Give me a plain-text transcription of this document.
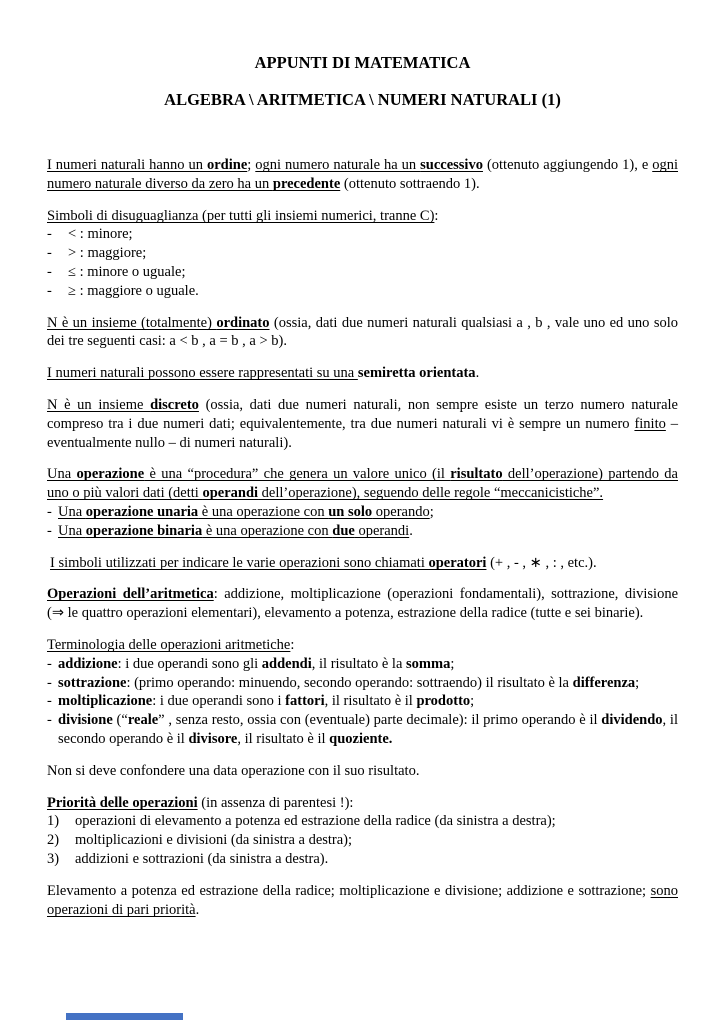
APPUNTI DI MATEMATICA
ALGEBRA \ ARITMETICA \ NUMERI NATURALI (1)

I numeri naturali hanno un ordine; ogni numero naturale ha un successivo (ottenuto aggiungendo 1), e ogni numero naturale diverso da zero ha un precedente (ottenuto sottraendo 1).

Simboli di disuguaglianza (per tutti gli insiemi numerici, tranne C):

-	< : minore;
-	> : maggiore;
-	≤ : minore o uguale;
-	≥ : maggiore o uguale.

N è un insieme (totalmente) ordinato (ossia, dati due numeri naturali qualsiasi a , b , vale uno ed uno solo dei tre seguenti casi: a < b , a = b , a > b).

I numeri naturali possono essere rappresentati su una semiretta orientata.

N è un insieme discreto (ossia, dati due numeri naturali, non sempre esiste un terzo numero naturale compreso tra i due numeri dati; equivalentemente, tra due numeri naturali vi è sempre un numero finito – eventualmente nullo – di numeri naturali).

Una operazione è una “procedura” che genera un valore unico (il risultato dell’operazione) partendo da uno o più valori dati (detti operandi dell’operazione), seguendo delle regole “meccanicistiche”.

- Una operazione unaria è una operazione con un solo operando;
- Una operazione binaria è una operazione con due operandi.

I simboli utilizzati per indicare le varie operazioni sono chiamati operatori (+ , - , ∗ , : , etc.).

Operazioni dell’aritmetica: addizione, moltiplicazione (operazioni fondamentali), sottrazione, divisione (⇒ le quattro operazioni elementari), elevamento a potenza, estrazione della radice (tutte e sei binarie).

Terminologia delle operazioni aritmetiche:

- addizione: i due operandi sono gli addendi, il risultato è la somma;
- sottrazione: (primo operando: minuendo, secondo operando: sottraendo) il risultato è la differenza;
- moltiplicazione: i due operandi sono i fattori, il risultato è il prodotto;
- divisione (“reale” , senza resto, ossia con (eventuale) parte decimale): il primo operando è il dividendo, il secondo operando è il divisore, il risultato è il quoziente.

Non si deve confondere una data operazione con il suo risultato.

Priorità delle operazioni (in assenza di parentesi !):

1)	operazioni di elevamento a potenza ed estrazione della radice (da sinistra a destra);
2)	moltiplicazioni e divisioni (da sinistra a destra);
3)	addizioni e sottrazioni (da sinistra a destra).

Elevamento a potenza ed estrazione della radice; moltiplicazione e divisione; addizione e sottrazione; sono operazioni di pari priorità.
